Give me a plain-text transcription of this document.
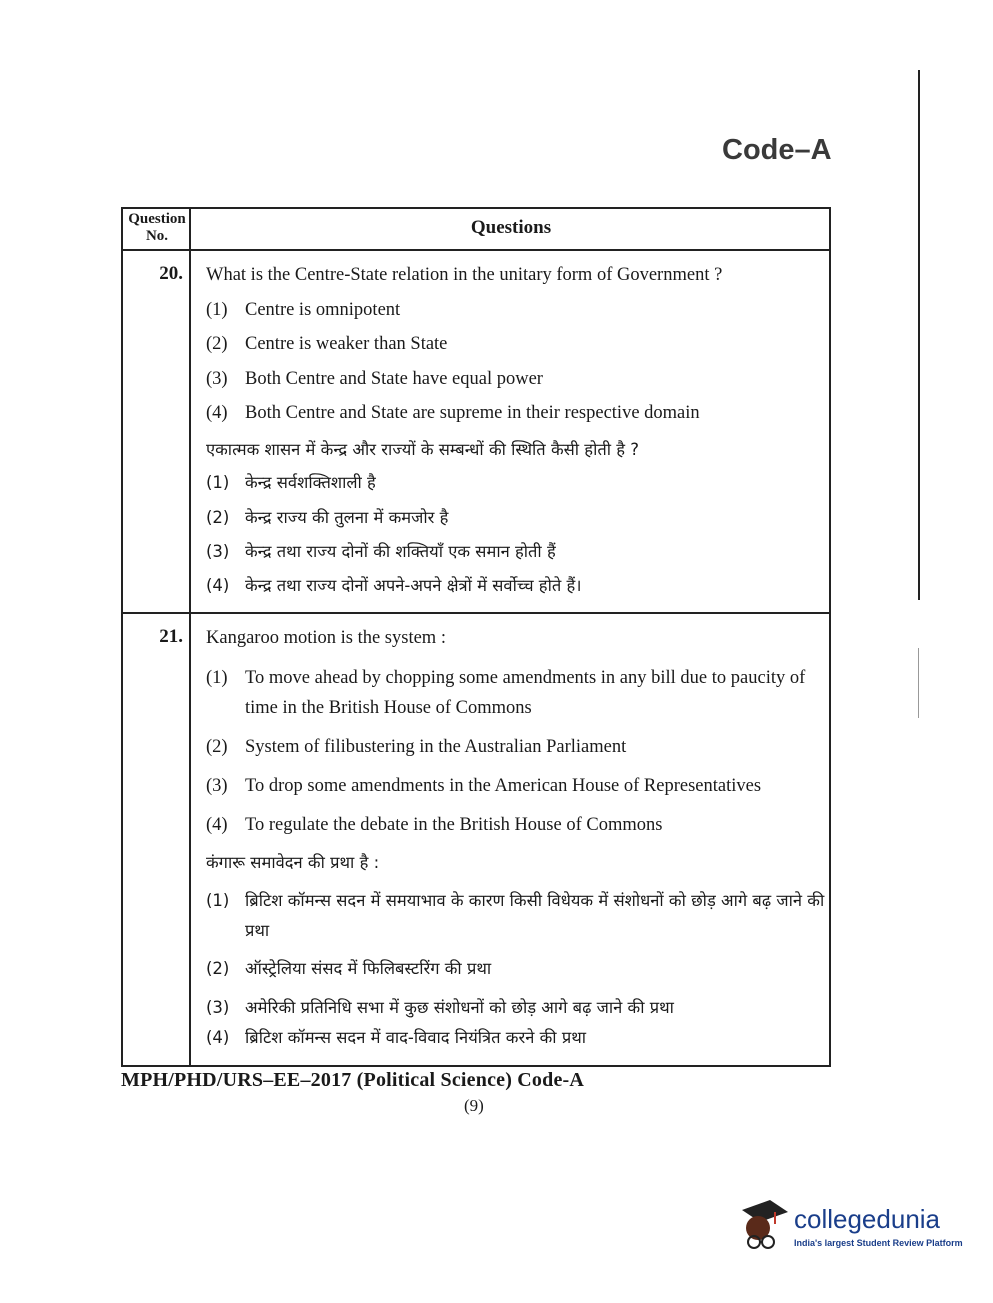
Code–A
Question
No.	Questions
20. What is the Centre-State relation in the unitary form of Government ?
(1) Centre is omnipotent
(2) Centre is weaker than State
(3) Both Centre and State have equal power
(4) Both Centre and State are supreme in their respective domain
एकात्मक शासन में केन्द्र और राज्यों के सम्बन्धों की स्थिति कैसी होती है ?
(1) केन्द्र सर्वशक्तिशाली है
(2) केन्द्र राज्य की तुलना में कमजोर है
(3) केन्द्र तथा राज्य दोनों की शक्तियाँ एक समान होती हैं
(4) केन्द्र तथा राज्य दोनों अपने-अपने क्षेत्रों में सर्वोच्च होते हैं।
21. Kangaroo motion is the system :
(1) To move ahead by chopping some amendments in any bill due to paucity of time in the British House of Commons
(2) System of filibustering in the Australian Parliament
(3) To drop some amendments in the American House of Representatives
(4) To regulate the debate in the British House of Commons
कंगारू समावेदन की प्रथा है :
(1) ब्रिटिश कॉमन्स सदन में समयाभाव के कारण किसी विधेयक में संशोधनों को छोड़ आगे बढ़ जाने की प्रथा
(2) ऑस्ट्रेलिया संसद में फिलिबस्टरिंग की प्रथा
(3) अमेरिकी प्रतिनिधि सभा में कुछ संशोधनों को छोड़ आगे बढ़ जाने की प्रथा
(4) ब्रिटिश कॉमन्स सदन में वाद-विवाद नियंत्रित करने की प्रथा
MPH/PHD/URS–EE–2017 (Political Science) Code-A
(9)
collegedunia
India's largest Student Review Platform
